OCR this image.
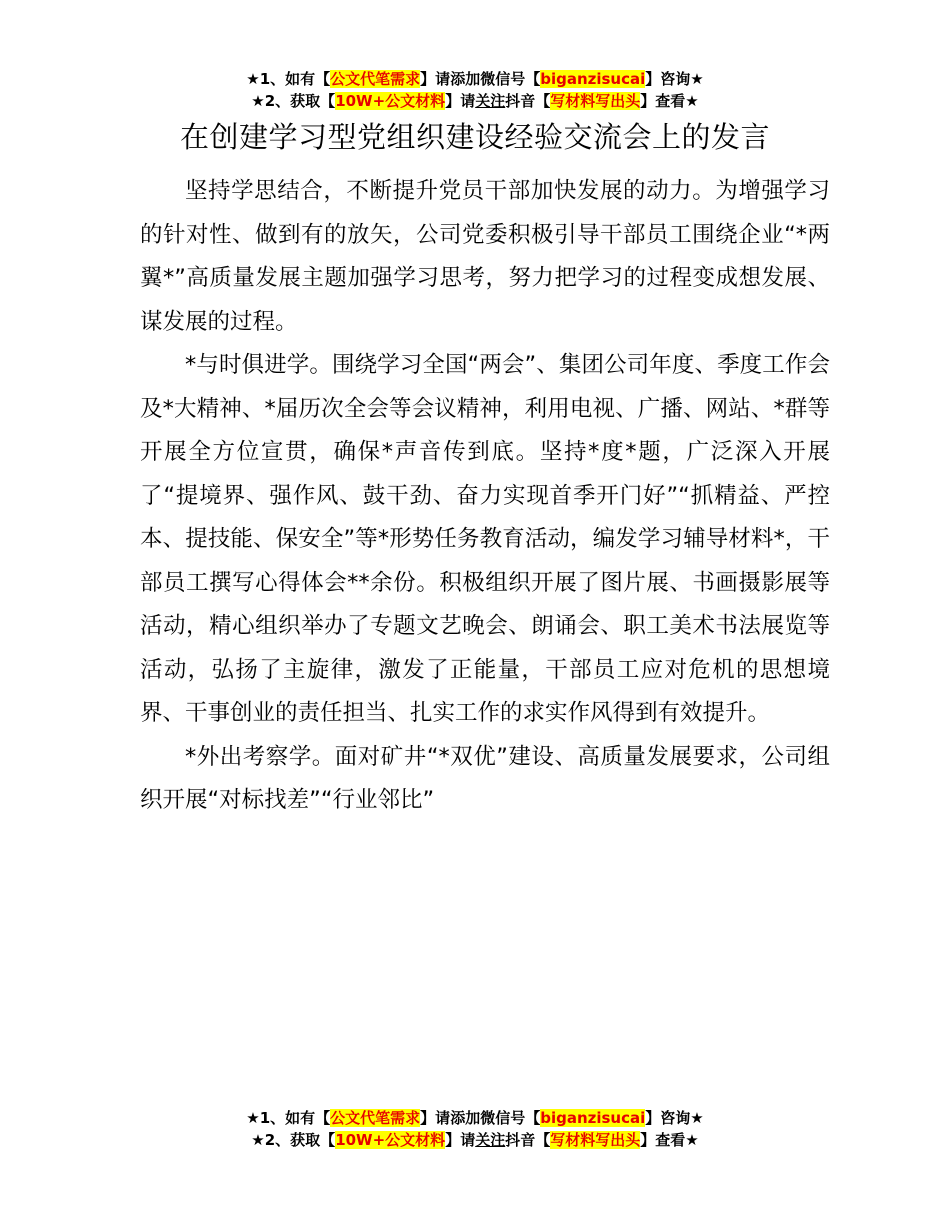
★1、如有【公文代笔需求】请添加微信号【biganzisucai】咨询★
★2、获取【10W+公文材料】请关注抖音【写材料写出头】查看★
在创建学习型党组织建设经验交流会上的发言

坚持学思结合，不断提升党员干部加快发展的动力。为增强学习的针对性、做到有的放矢，公司党委积极引导干部员工围绕企业“*两翼*”高质量发展主题加强学习思考，努力把学习的过程变成想发展、谋发展的过程。

*与时俱进学。围绕学习全国“两会”、集团公司年度、季度工作会及*大精神、*届历次全会等会议精神，利用电视、广播、网站、*群等开展全方位宣贯，确保*声音传到底。坚持*度*题，广泛深入开展了“提境界、强作风、鼓干劲、奋力实现首季开门好”“抓精益、严控本、提技能、保安全”等*形势任务教育活动，编发学习辅导材料*，干部员工撰写心得体会**余份。积极组织开展了图片展、书画摄影展等活动，精心组织举办了专题文艺晚会、朗诵会、职工美术书法展览等活动，弘扬了主旋律，激发了正能量，干部员工应对危机的思想境界、干事创业的责任担当、扎实工作的求实作风得到有效提升。

*外出考察学。面对矿井“*双优”建设、高质量发展要求，公司组织开展“对标找差”“行业邻比”

★1、如有【公文代笔需求】请添加微信号【biganzisucai】咨询★
★2、获取【10W+公文材料】请关注抖音【写材料写出头】查看★
